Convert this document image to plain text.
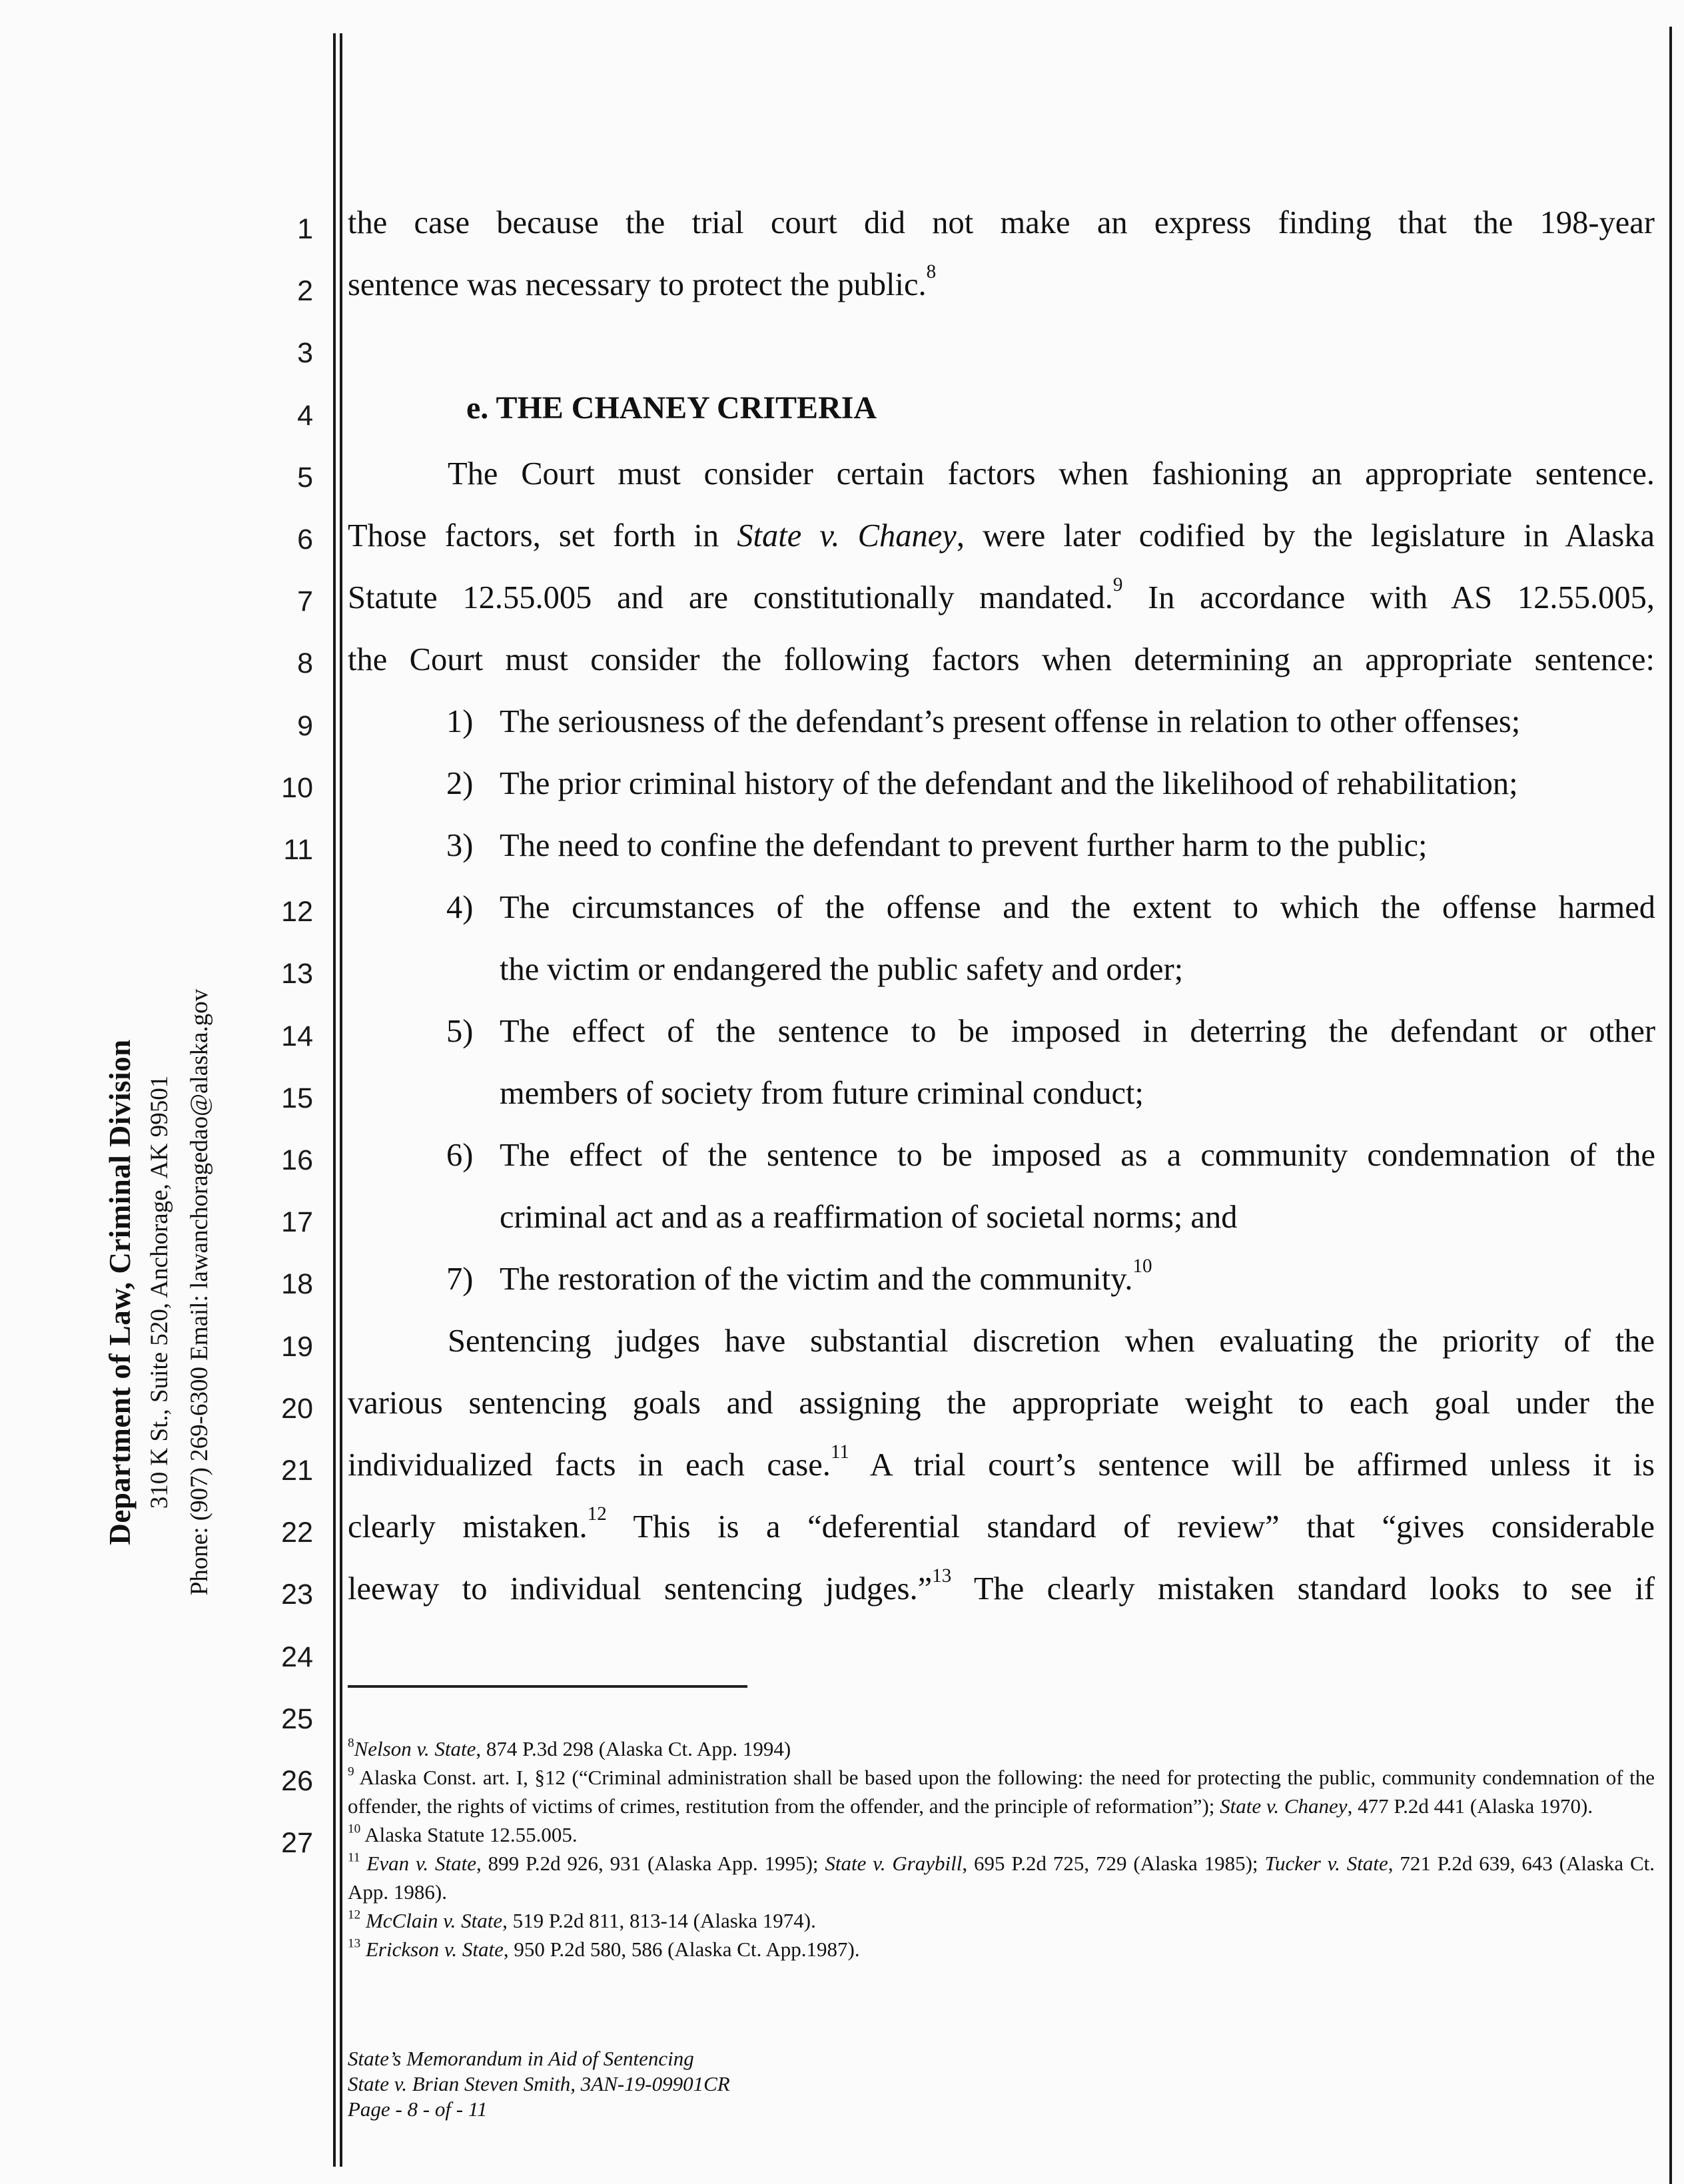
Department of Law, Criminal Division 310 K St., Suite 520, Anchorage, AK 99501 Phone: (907) 269-6300 Email: lawanchoragedao@alaska.gov
1
2
3
4
5
6
7
8
9
10
11
12
13
14
15
16
17
18
19
20
21
22
23
24
25
26
27
the case because the trial court did not make an express finding that the 198-year
sentence was necessary to protect the public.$^8$
e. THE CHANEY CRITERIA
The Court must consider certain factors when fashioning an appropriate sentence.
Those factors, set forth in State v. Chaney, were later codified by the legislature in Alaska
Statute 12.55.005 and are constitutionally mandated.$^9$ In accordance with AS 12.55.005,
the Court must consider the following factors when determining an appropriate sentence:
1) The seriousness of the defendant’s present offense in relation to other offenses;
2) The prior criminal history of the defendant and the likelihood of rehabilitation;
3) The need to confine the defendant to prevent further harm to the public;
4) The circumstances of the offense and the extent to which the offense harmed
the victim or endangered the public safety and order;
5) The effect of the sentence to be imposed in deterring the defendant or other
members of society from future criminal conduct;
6) The effect of the sentence to be imposed as a community condemnation of the
criminal act and as a reaffirmation of societal norms; and
7) The restoration of the victim and the community.$^{10}$
Sentencing judges have substantial discretion when evaluating the priority of the
various sentencing goals and assigning the appropriate weight to each goal under the
individualized facts in each case.$^{11}$ A trial court’s sentence will be affirmed unless it is
clearly mistaken.$^{12}$ This is a “deferential standard of review” that “gives considerable
leeway to individual sentencing judges.”$^{13}$ The clearly mistaken standard looks to see if

$^8$Nelson v. State, 874 P.3d 298 (Alaska Ct. App. 1994)

$^9$ Alaska Const. art. I, §12 (“Criminal administration shall be based upon the following: the need for protecting the public, community condemnation of the offender, the rights of victims of crimes, restitution from the offender, and the principle of reformation”); State v. Chaney, 477 P.2d 441 (Alaska 1970).

$^{10}$ Alaska Statute 12.55.005.

$^{11}$ Evan v. State, 899 P.2d 926, 931 (Alaska App. 1995); State v. Graybill, 695 P.2d 725, 729 (Alaska 1985); Tucker v. State, 721 P.2d 639, 643 (Alaska Ct. App. 1986).

$^{12}$ McClain v. State, 519 P.2d 811, 813-14 (Alaska 1974).

$^{13}$ Erickson v. State, 950 P.2d 580, 586 (Alaska Ct. App.1987).

State’s Memorandum in Aid of Sentencing
State v. Brian Steven Smith, 3AN-19-09901CR
Page - 8 - of - 11
